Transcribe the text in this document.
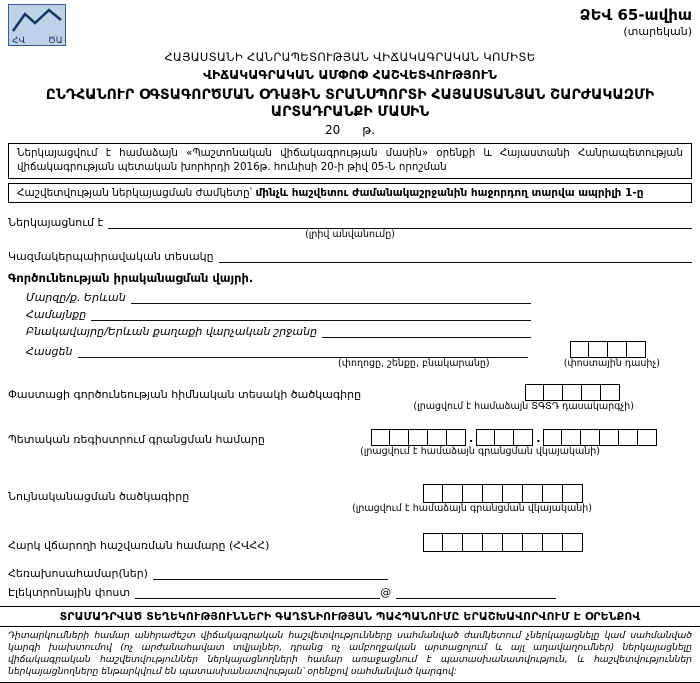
ՀՎ	ԾԱ
ՁԵՎ 65-ավիա
(տարեկան)
ՀԱՅԱՍՏԱՆԻ ՀԱՆՐԱՊԵՏՈՒԹՅԱՆ ՎԻՃԱԿԱԳՐԱԿԱՆ ԿՈՄԻՏԵ
ՎԻՃԱԿԱԳՐԱԿԱՆ ԱՄՓՈՓ ՀԱՇՎԵՏՎՈՒԹՅՈՒՆ
ԸՆԴՀԱՆՈՒՐ ՕԳՏԱԳՈՐԾՄԱՆ ՕԴԱՅԻՆ ՏՐԱՆՍՊՈՐՏԻ ՀԱՅԱՍՏԱՆՅԱՆ ՇԱՐԺԱԿԱԶՄԻ
ԱՐՏԱԴՐԱՆՔԻ ՄԱՍԻՆ
20 թ.
Ներկայացվում է համաձայն «Պաշտոնական վիճակագրության մասին» օրենքի և Հայաստանի Հանրապետության վիճակագրության պետական խորհրդի 2016թ. հունիսի 20-ի թիվ 05-Ն որոշման
Հաշվետվության ներկայացման ժամկետը՝ մինչև հաշվետու ժամանակաշրջանին հաջորդող տարվա ապրիլի 1-ը
Ներկայացնում է
(լրիվ անվանումը)
Կազմակերպաիրավական տեսակը
Գործունեության իրականացման վայրի.
Մարզը/ք. Երևան
Համայնքը
Բնակավայրը/Երևան քաղաքի վարչական շրջանը
Հասցեն
(փողոցը, շենքը, բնակարանը)	(փոստային դասիչ)
Փաստացի գործունեության հիմնական տեսակի ծածկագիրը
(լրացվում է համաձայն ՏԳՏԴ դասակարգչի)
Պետական ռեգիստրում գրանցման համարը	.	.
(լրացվում է համաձայն գրանցման վկայականի)
Նույնականացման ծածկագիրը
(լրացվում է համաձայն գրանցման վկայականի)
Հարկ վճարողի հաշվառման համարը (ՀՎՀՀ)
Հեռախոսահամար(ներ)
Էլեկտրոնային փոստ	@
ՏՐԱՄԱԴՐՎԱԾ ՏԵՂԵԿՈՒԹՅՈՒՆՆԵՐԻ ԳԱՂՏՆԻՈՒԹՅԱՆ ՊԱՀՊԱՆՈՒՄԸ ԵՐԱՇԽԱՎՈՐՎՈՒՄ Է ՕՐԵՆՔՈՎ
Դիտարկումների համար անհրաժեշտ վիճակագրական հաշվետվությունները սահմանված ժամկետում չներկայացնելը կամ սահմանված կարգի խախտումով (ոչ արժանահավատ տվյալներ, դրանց ոչ ամբողջական արտացոլում և այլ աղավաղումներ) ներկայացնելը վիճակագրական հաշվետվություններ ներկայացնողների համար առաջացնում է պատասխանատվություն, և հաշվետվություններ ներկայացնողները ենթարկվում են պատասխանատվության՝ օրենքով սահմանված կարգով:
